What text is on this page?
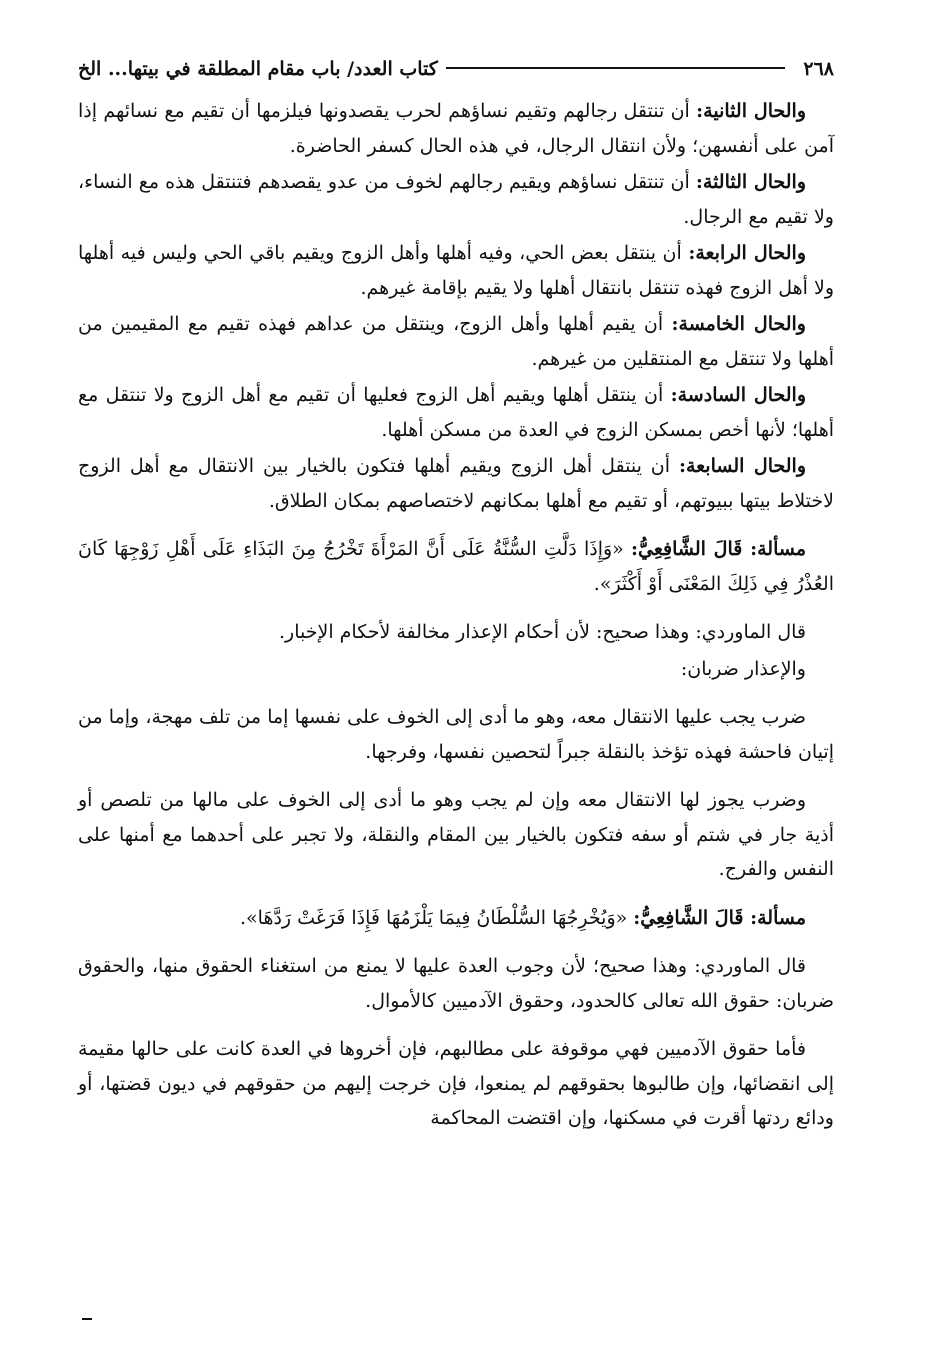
٢٦٨
كتاب العدد/ باب مقام المطلقة في بيتها... الخ

والحال الثانية: أن تنتقل رجالهم وتقيم نساؤهم لحرب يقصدونها فيلزمها أن تقيم مع نسائهم إذا آمن على أنفسهن؛ ولأن انتقال الرجال، في هذه الحال كسفر الحاضرة.

والحال الثالثة: أن تنتقل نساؤهم ويقيم رجالهم لخوف من عدو يقصدهم فتنتقل هذه مع النساء، ولا تقيم مع الرجال.

والحال الرابعة: أن ينتقل بعض الحي، وفيه أهلها وأهل الزوج ويقيم باقي الحي وليس فيه أهلها ولا أهل الزوج فهذه تنتقل بانتقال أهلها ولا يقيم بإقامة غيرهم.

والحال الخامسة: أن يقيم أهلها وأهل الزوج، وينتقل من عداهم فهذه تقيم مع المقيمين من أهلها ولا تنتقل مع المنتقلين من غيرهم.

والحال السادسة: أن ينتقل أهلها ويقيم أهل الزوج فعليها أن تقيم مع أهل الزوج ولا تنتقل مع أهلها؛ لأنها أخص بمسكن الزوج في العدة من مسكن أهلها.

والحال السابعة: أن ينتقل أهل الزوج ويقيم أهلها فتكون بالخيار بين الانتقال مع أهل الزوج لاختلاط بيتها ببيوتهم، أو تقيم مع أهلها بمكانهم لاختصاصهم بمكان الطلاق.

مسألة: قَالَ الشَّافِعِيُّ: «وَإِذَا دَلَّتِ السُّنَّةُ عَلَى أَنَّ المَرْأَةَ تَخْرُجُ مِنَ البَذَاءِ عَلَى أَهْلِ زَوْجِهَا كَانَ العُذْرُ فِي ذَلِكَ المَعْنَى أَوْ أَكْثَرَ».

قال الماوردي: وهذا صحيح: لأن أحكام الإعذار مخالفة لأحكام الإخبار.

والإعذار ضربان:

ضرب يجب عليها الانتقال معه، وهو ما أدى إلى الخوف على نفسها إما من تلف مهجة، وإما من إتيان فاحشة فهذه تؤخذ بالنقلة جبراً لتحصين نفسها، وفرجها.

وضرب يجوز لها الانتقال معه وإن لم يجب وهو ما أدى إلى الخوف على مالها من تلصص أو أذية جار في شتم أو سفه فتكون بالخيار بين المقام والنقلة، ولا تجبر على أحدهما مع أمنها على النفس والفرج.

مسألة: قَالَ الشَّافِعِيُّ: «وَيُخْرِجُهَا السُّلْطَانُ فِيمَا يَلْزَمُهَا فَإِذَا فَرَغَتْ رَدَّهَا».

قال الماوردي: وهذا صحيح؛ لأن وجوب العدة عليها لا يمنع من استغناء الحقوق منها، والحقوق ضربان: حقوق الله تعالى كالحدود، وحقوق الآدميين كالأموال.

فأما حقوق الآدميين فهي موقوفة على مطالبهم، فإن أخروها في العدة كانت على حالها مقيمة إلى انقضائها، وإن طالبوها بحقوقهم لم يمنعوا، فإن خرجت إليهم من حقوقهم في ديون قضتها، أو ودائع ردتها أقرت في مسكنها، وإن اقتضت المحاكمة
